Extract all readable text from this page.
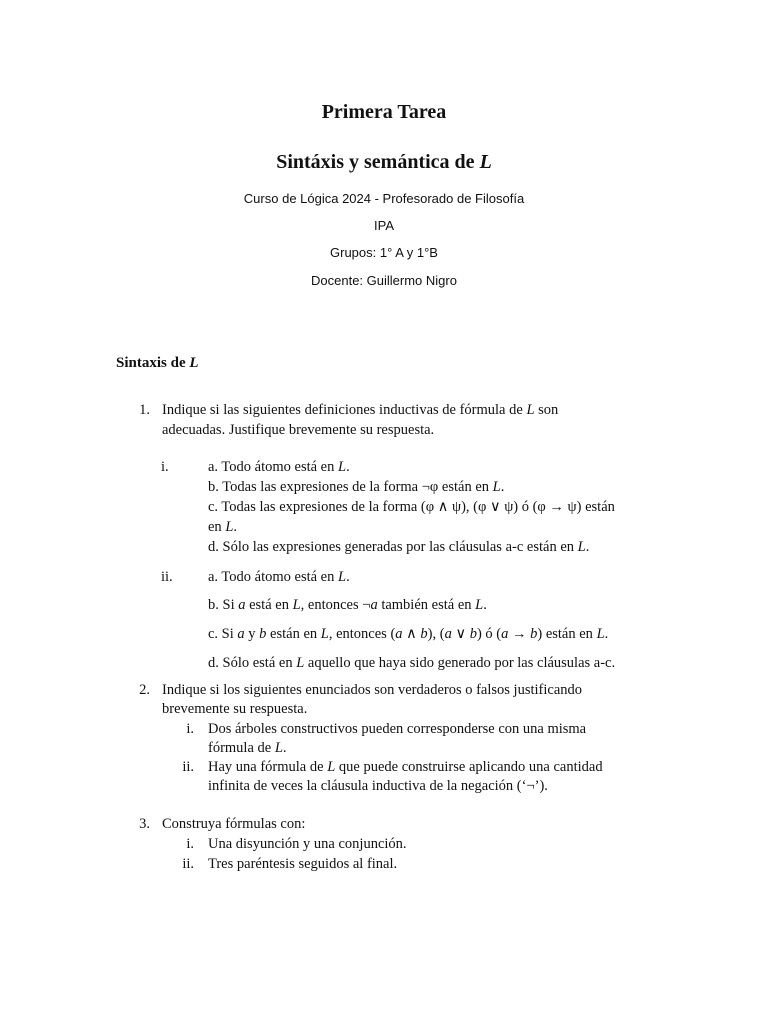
Primera Tarea
Sintáxis y semántica de L
Curso de Lógica 2024 - Profesorado de Filosofía
IPA
Grupos: 1° A y 1°B
Docente: Guillermo Nigro
Sintaxis de L
1. Indique si las siguientes definiciones inductivas de fórmula de L son
adecuadas. Justifique brevemente su respuesta.
i.	a. Todo átomo está en L.
b. Todas las expresiones de la forma ¬φ están en L.
c. Todas las expresiones de la forma (φ ∧ ψ), (φ ∨ ψ) ó (φ → ψ) están
en L.
d. Sólo las expresiones generadas por las cláusulas a-c están en L.
ii. a. Todo átomo está en L.
b. Si a está en L, entonces ¬a también está en L.
c. Si a y b están en L, entonces (a ∧ b), (a ∨ b) ó (a → b) están en L.
d. Sólo está en L aquello que haya sido generado por las cláusulas a-c.
2. Indique si los siguientes enunciados son verdaderos o falsos justificando
brevemente su respuesta.
i. Dos árboles constructivos pueden corresponderse con una misma
fórmula de L.
ii. Hay una fórmula de L que puede construirse aplicando una cantidad
infinita de veces la cláusula inductiva de la negación (‘¬’).
3. Construya fórmulas con:
i. Una disyunción y una conjunción.
ii. Tres paréntesis seguidos al final.
